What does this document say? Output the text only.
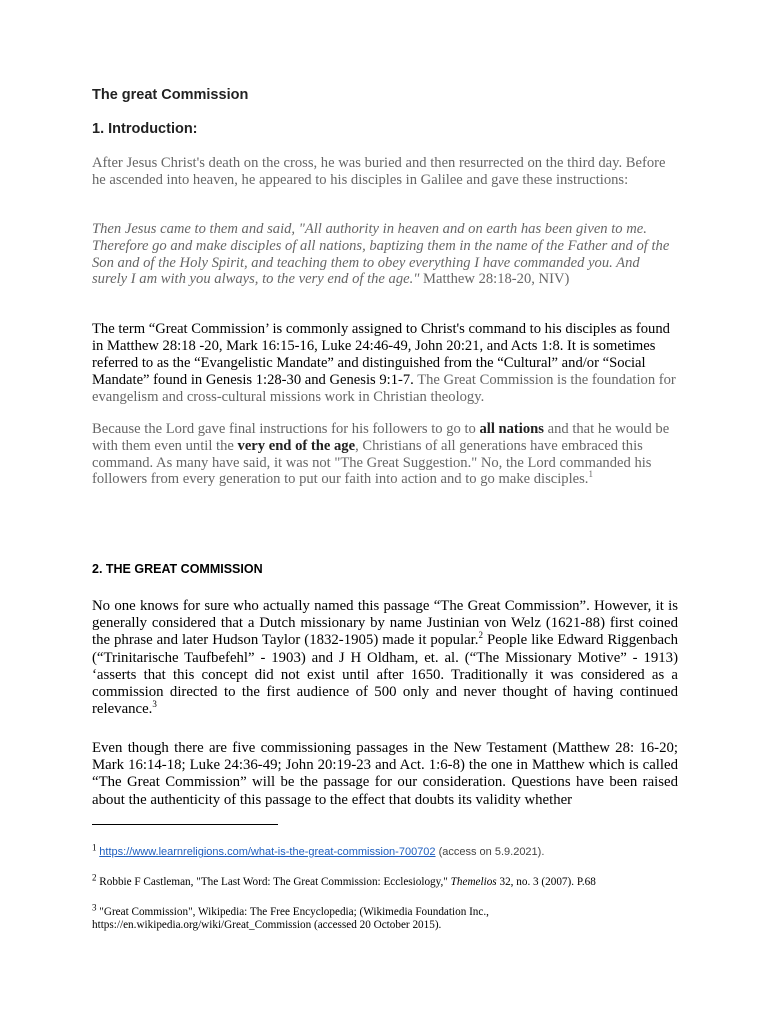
The great Commission
1. Introduction:

After Jesus Christ's death on the cross, he was buried and then resurrected on the third day. Before he ascended into heaven, he appeared to his disciples in Galilee and gave these instructions:

Then Jesus came to them and said, "All authority in heaven and on earth has been given to me. Therefore go and make disciples of all nations, baptizing them in the name of the Father and of the Son and of the Holy Spirit, and teaching them to obey everything I have commanded you. And surely I am with you always, to the very end of the age." Matthew 28:18-20, NIV)

The term “Great Commission’ is commonly assigned to Christ's command to his disciples as found in Matthew 28:18 -20, Mark 16:15-16, Luke 24:46-49, John 20:21, and Acts 1:8. It is sometimes referred to as the “Evangelistic Mandate” and distinguished from the “Cultural” and/or “Social Mandate” found in Genesis 1:28-30 and Genesis 9:1-7. The Great Commission is the foundation for evangelism and cross-cultural missions work in Christian theology.

Because the Lord gave final instructions for his followers to go to all nations and that he would be with them even until the very end of the age, Christians of all generations have embraced this command. As many have said, it was not "The Great Suggestion." No, the Lord commanded his followers from every generation to put our faith into action and to go make disciples.$^1$

2. THE GREAT COMMISSION

No one knows for sure who actually named this passage “The Great Commission”. However, it is generally considered that a Dutch missionary by name Justinian von Welz (1621-88) first coined the phrase and later Hudson Taylor (1832-1905) made it popular.$^2$ People like Edward Riggenbach (“Trinitarische Taufbefehl” - 1903) and J H Oldham, et. al. (“The Missionary Motive” - 1913) ‘asserts that this concept did not exist until after 1650. Traditionally it was considered as a commission directed to the first audience of 500 only and never thought of having continued relevance.$^3$

Even though there are five commissioning passages in the New Testament (Matthew 28: 16-20; Mark 16:14-18; Luke 24:36-49; John 20:19-23 and Act. 1:6-8) the one in Matthew which is called “The Great Commission” will be the passage for our consideration. Questions have been raised about the authenticity of this passage to the effect that doubts its validity whether

$^1$ https://www.learnreligions.com/what-is-the-great-commission-700702 (access on 5.9.2021).

$^2$ Robbie F Castleman, "The Last Word: The Great Commission: Ecclesiology," Themelios 32, no. 3 (2007). P.68

$^3$ "Great Commission", Wikipedia: The Free Encyclopedia; (Wikimedia Foundation Inc., https://en.wikipedia.org/wiki/Great_Commission (accessed 20 October 2015).
